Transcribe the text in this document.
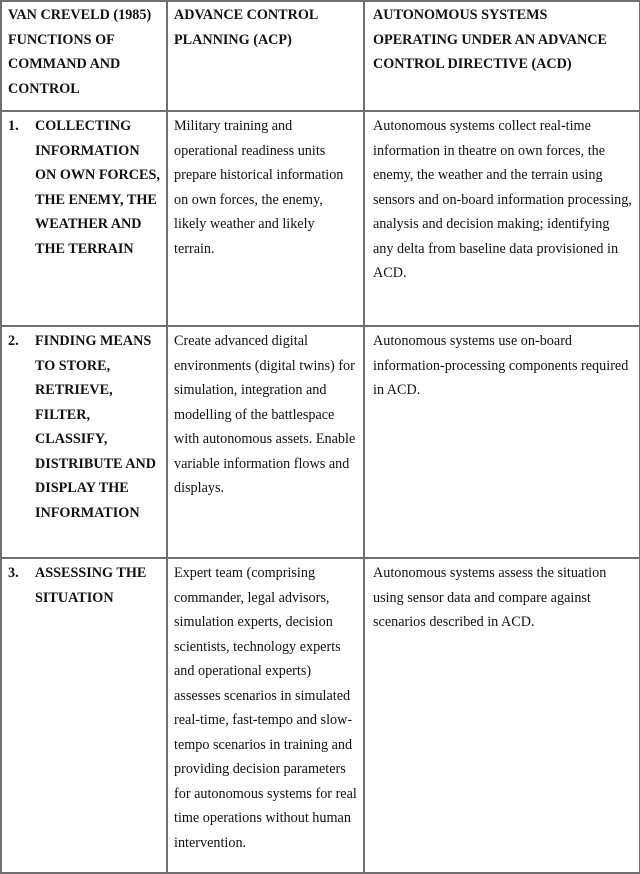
VAN CREVELD (1985) FUNCTIONS OF COMMAND AND CONTROL	ADVANCE CONTROL PLANNING (ACP)	AUTONOMOUS SYSTEMS OPERATING UNDER AN ADVANCE CONTROL DIRECTIVE (ACD)

1. COLLECTING INFORMATION ON OWN FORCES, THE ENEMY, THE WEATHER AND THE TERRAIN	Military training and operational readiness units prepare historical information on own forces, the enemy, likely weather and likely terrain.	Autonomous systems collect real-time information in theatre on own forces, the enemy, the weather and the terrain using sensors and on-board information processing, analysis and decision making; identifying any delta from baseline data provisioned in ACD.

2. FINDING MEANS TO STORE, RETRIEVE, FILTER, CLASSIFY, DISTRIBUTE AND DISPLAY THE INFORMATION	Create advanced digital environments (digital twins) for simulation, integration and modelling of the battlespace with autonomous assets. Enable variable information flows and displays.	Autonomous systems use on-board information-processing components required in ACD.

3. ASSESSING THE SITUATION	Expert team (comprising commander, legal advisors, simulation experts, decision scientists, technology experts and operational experts) assesses scenarios in simulated real-time, fast-tempo and slow-tempo scenarios in training and providing decision parameters for autonomous systems for real time operations without human intervention.	Autonomous systems assess the situation using sensor data and compare against scenarios described in ACD.
